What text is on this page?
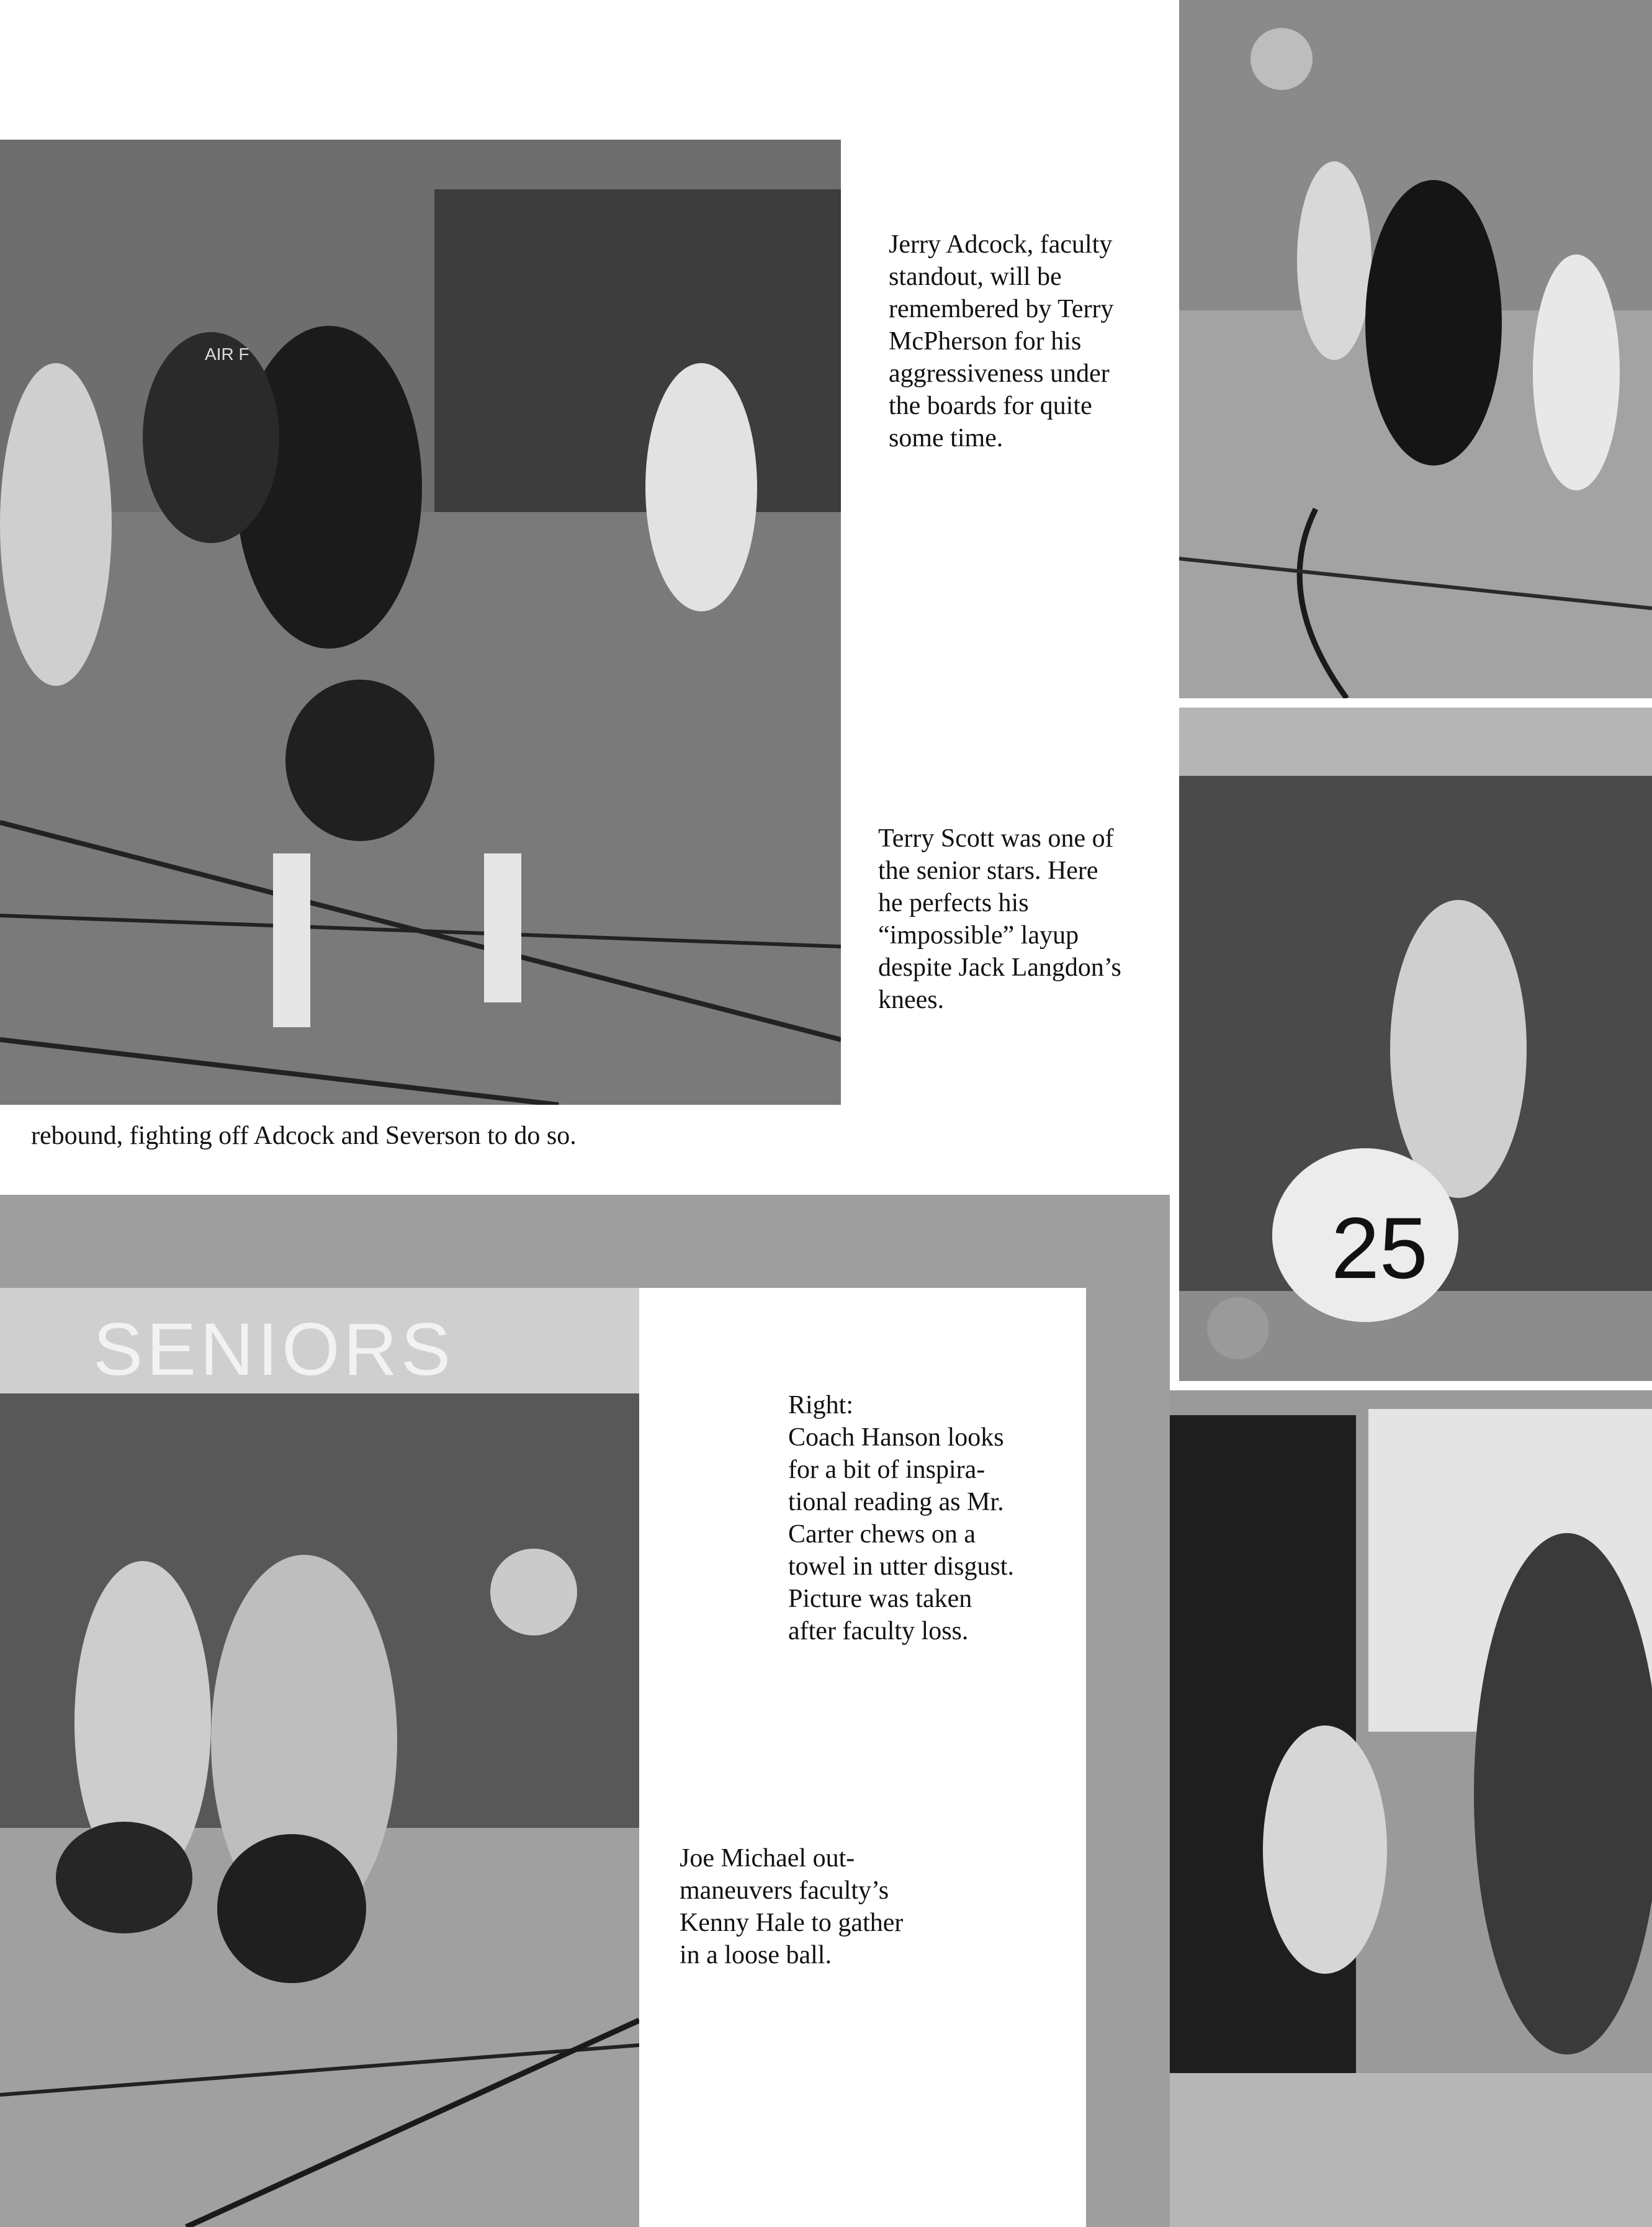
AIR F
25
SENIORS
Jerry Adcock, faculty
standout, will be
remembered by Terry
McPherson for his
aggressiveness under
the boards for quite
some time.
Terry Scott was one of
the senior stars. Here
he perfects his
“impossible” layup
despite Jack Langdon’s
knees.
rebound, fighting off Adcock and Severson to do so.
Right:
Coach Hanson looks
for a bit of inspira-
tional reading as Mr.
Carter chews on a
towel in utter disgust.
Picture was taken
after faculty loss.
Joe Michael out-
maneuvers faculty’s
Kenny Hale to gather
in a loose ball.
